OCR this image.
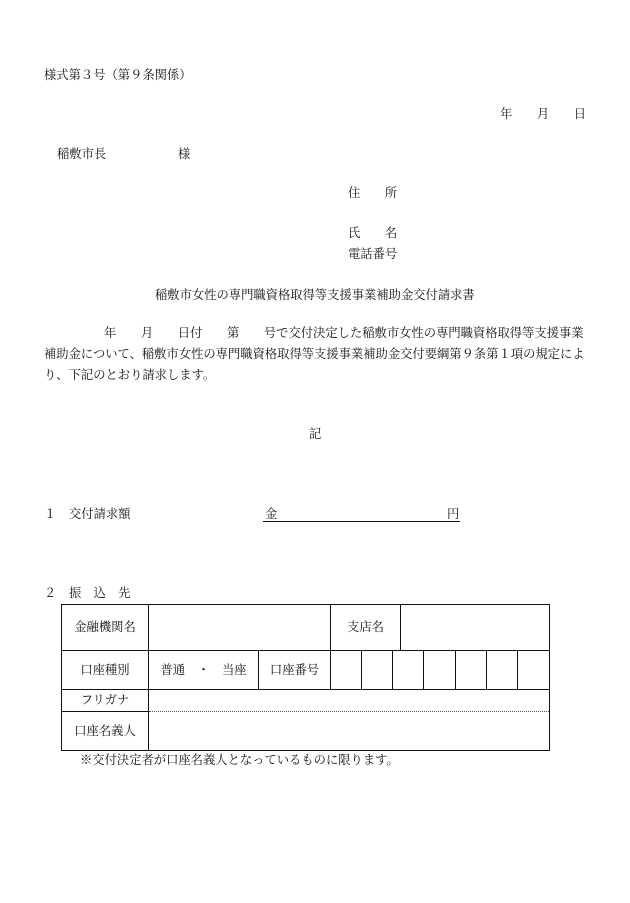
様式第３号（第９条関係）
年　　月　　日
稲敷市長	様
住　　所
氏　　名
電話番号
稲敷市女性の専門職資格取得等支援事業補助金交付請求書
年　　月　　日付　　第　　号で交付決定した稲敷市女性の専門職資格取得等支援事業
補助金について、稲敷市女性の専門職資格取得等支援事業補助金交付要綱第９条第１項の規定によ
り、下記のとおり請求します。
記
１ 交付請求額	金	円
２ 振　込　先
金融機関名	支店名
口座種別	普通　・　当座	口座番号
フリガナ
口座名義人
※交付決定者が口座名義人となっているものに限ります。
